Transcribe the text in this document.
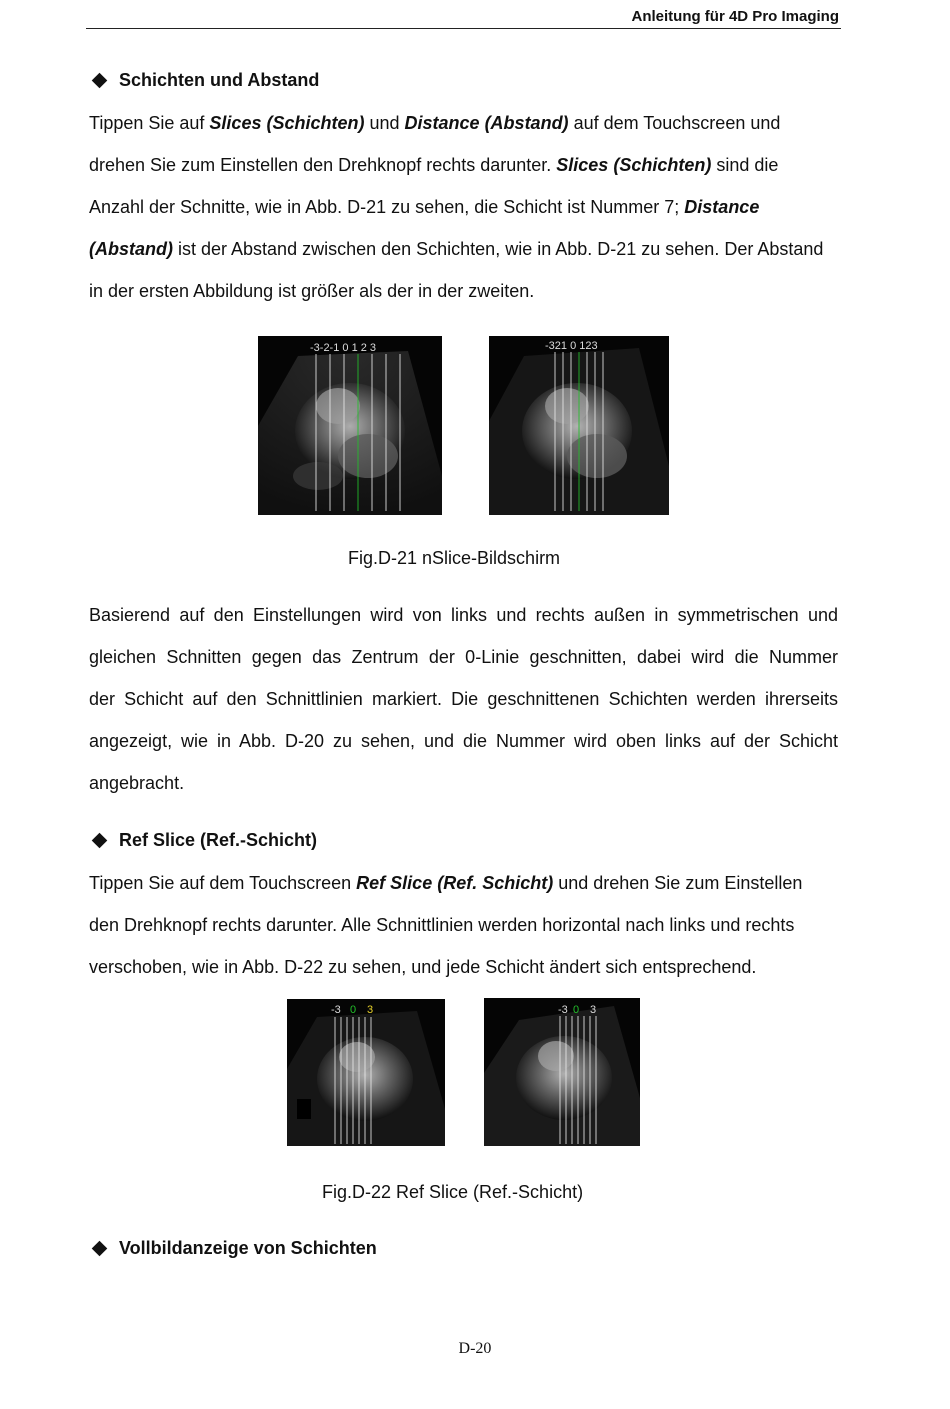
Anleitung für 4D Pro Imaging
Schichten und Abstand
Tippen Sie auf Slices (Schichten) und Distance (Abstand) auf dem Touchscreen und
drehen Sie zum Einstellen den Drehknopf rechts darunter. Slices (Schichten) sind die
Anzahl der Schnitte, wie in Abb. D-21 zu sehen, die Schicht ist Nummer 7; Distance
(Abstand) ist der Abstand zwischen den Schichten, wie in Abb. D-21 zu sehen. Der Abstand
in der ersten Abbildung ist größer als der in der zweiten.
-3-2-1 0 1 2 3	-321 0 123
Fig.D-21 nSlice-Bildschirm
Basierend auf den Einstellungen wird von links und rechts außen in symmetrischen und
gleichen Schnitten gegen das Zentrum der 0-Linie geschnitten, dabei wird die Nummer
der Schicht auf den Schnittlinien markiert. Die geschnittenen Schichten werden ihrerseits
angezeigt, wie in Abb. D-20 zu sehen, und die Nummer wird oben links auf der Schicht
angebracht.
Ref Slice (Ref.-Schicht)
Tippen Sie auf dem Touchscreen Ref Slice (Ref. Schicht) und drehen Sie zum Einstellen
den Drehknopf rechts darunter. Alle Schnittlinien werden horizontal nach links und rechts
verschoben, wie in Abb. D-22 zu sehen, und jede Schicht ändert sich entsprechend.
-3 0 3	-3 0 3
Fig.D-22 Ref Slice (Ref.-Schicht)
Vollbildanzeige von Schichten
D-20
